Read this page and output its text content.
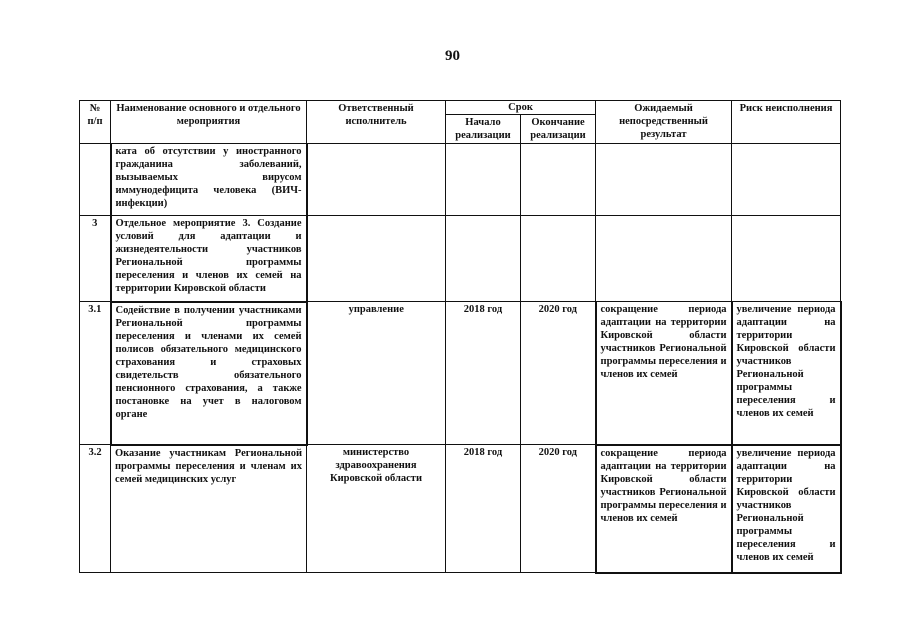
90
№
п/п	Наименование основного и отдельного мероприятия	Ответственный исполнитель	Срок		Ожидаемый непосредственный результат	Риск неисполнения
			Начало реализации	Окончание реализации		
	ката об отсутствии у иностранного гражданина заболеваний, вызываемых вирусом иммунодефицита человека (ВИЧ-инфекции)					
3	Отдельное мероприятие 3. Создание условий для адаптации и жизнедеятельности участников Региональной программы переселения и членов их семей на территории Кировской области					
3.1	Содействие в получении участниками Региональной программы переселения и членами их семей полисов обязательного медицинского страхования и страховых свидетельств обязательного пенсионного страхования, а также постановке на учет в налоговом органе	управление	2018 год	2020 год	сокращение периода адаптации на территории Кировской области участников Региональной программы переселения и членов их семей	увеличение периода адаптации на территории Кировской области участников Региональной программы переселения и членов их семей
3.2	Оказание участникам Региональной программы переселения и членам их семей медицинских услуг	министерство здравоохранения Кировской области	2018 год	2020 год	сокращение периода адаптации на территории Кировской области участников Региональной программы переселения и членов их семей	увеличение периода адаптации на территории Кировской области участников Региональной программы переселения и членов их семей
